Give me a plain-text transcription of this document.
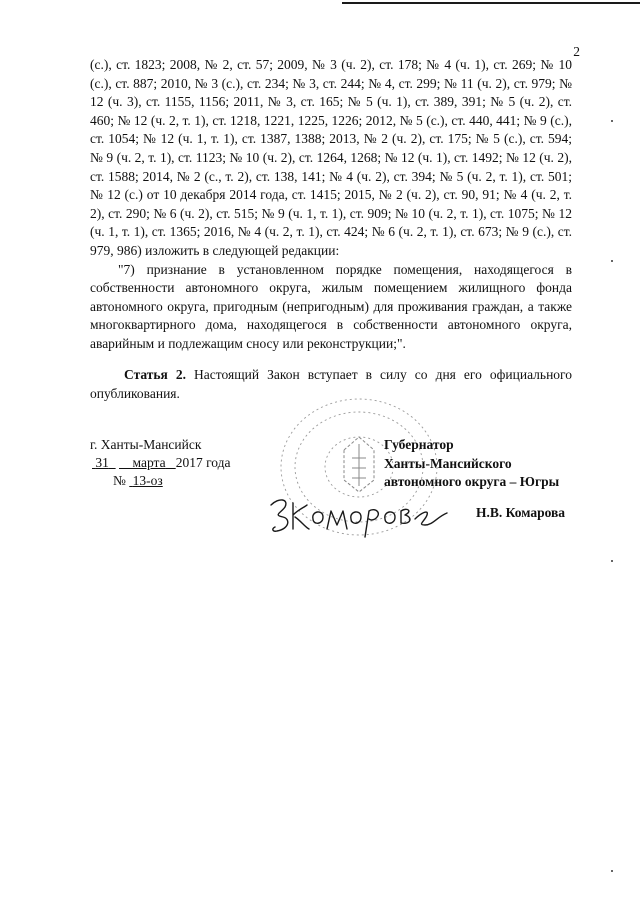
2

(с.), ст. 1823; 2008, № 2, ст. 57; 2009, № 3 (ч. 2), ст. 178; № 4 (ч. 1), ст. 269; № 10 (с.), ст. 887; 2010, № 3 (с.), ст. 234; № 3, ст. 244; № 4, ст. 299; № 11 (ч. 2), ст. 979; № 12 (ч. 3), ст. 1155, 1156; 2011, № 3, ст. 165; № 5 (ч. 1), ст. 389, 391; № 5 (ч. 2), ст. 460; № 12 (ч. 2, т. 1), ст. 1218, 1221, 1225, 1226; 2012, № 5 (с.), ст. 440, 441; № 9 (с.), ст. 1054; № 12 (ч. 1, т. 1), ст. 1387, 1388; 2013, № 2 (ч. 2), ст. 175; № 5 (с.), ст. 594; № 9 (ч. 2, т. 1), ст. 1123; № 10 (ч. 2), ст. 1264, 1268; № 12 (ч. 1), ст. 1492; № 12 (ч. 2), ст. 1588; 2014, № 2 (с., т. 2), ст. 138, 141; № 4 (ч. 2), ст. 394; № 5 (ч. 2, т. 1), ст. 501; № 12 (с.) от 10 декабря 2014 года, ст. 1415; 2015, № 2 (ч. 2), ст. 90, 91; № 4 (ч. 2, т. 2), ст. 290; № 6 (ч. 2), ст. 515; № 9 (ч. 1, т. 1), ст. 909; № 10 (ч. 2, т. 1), ст. 1075; № 12 (ч. 1, т. 1), ст. 1365; 2016, № 4 (ч. 2, т. 1), ст. 424; № 6 (ч. 2, т. 1), ст. 673; № 9 (с.), ст. 979, 986) изложить в следующей редакции:

"7) признание в установленном порядке помещения, находящегося в собственности автономного округа, жилым помещением жилищного фонда автономного округа, пригодным (непригодным) для проживания граждан, а также многоквартирного дома, находящегося в собственности автономного округа, аварийным и подлежащим сносу или реконструкции;".

Статья 2. Настоящий Закон вступает в силу со дня его официального опубликования.
г. Ханты-Мансийск
31 марта 2017 года
№ 13-оз
Губернатор
Ханты-Мансийского
автономного округа – Югры
Н.В. Комарова
